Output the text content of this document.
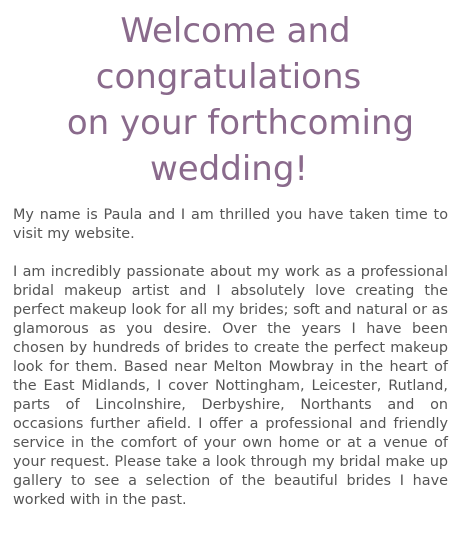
Welcome and
congratulations
on your forthcoming
wedding!

My name is Paula and I am thrilled you have taken time to visit my website.

I am incredibly passionate about my work as a professional bridal makeup artist and I absolutely love creating the perfect makeup look for all my brides; soft and natural or as glamorous as you desire. Over the years I have been chosen by hundreds of brides to create the perfect makeup look for them. Based near Melton Mowbray in the heart of the East Midlands, I cover Nottingham, Leicester, Rutland, parts of Lincolnshire, Derbyshire, Northants and on occasions further afield. I offer a professional and friendly service in the comfort of your own home or at a venue of your request. Please take a look through my bridal make up gallery to see a selection of the beautiful brides I have worked with in the past.
